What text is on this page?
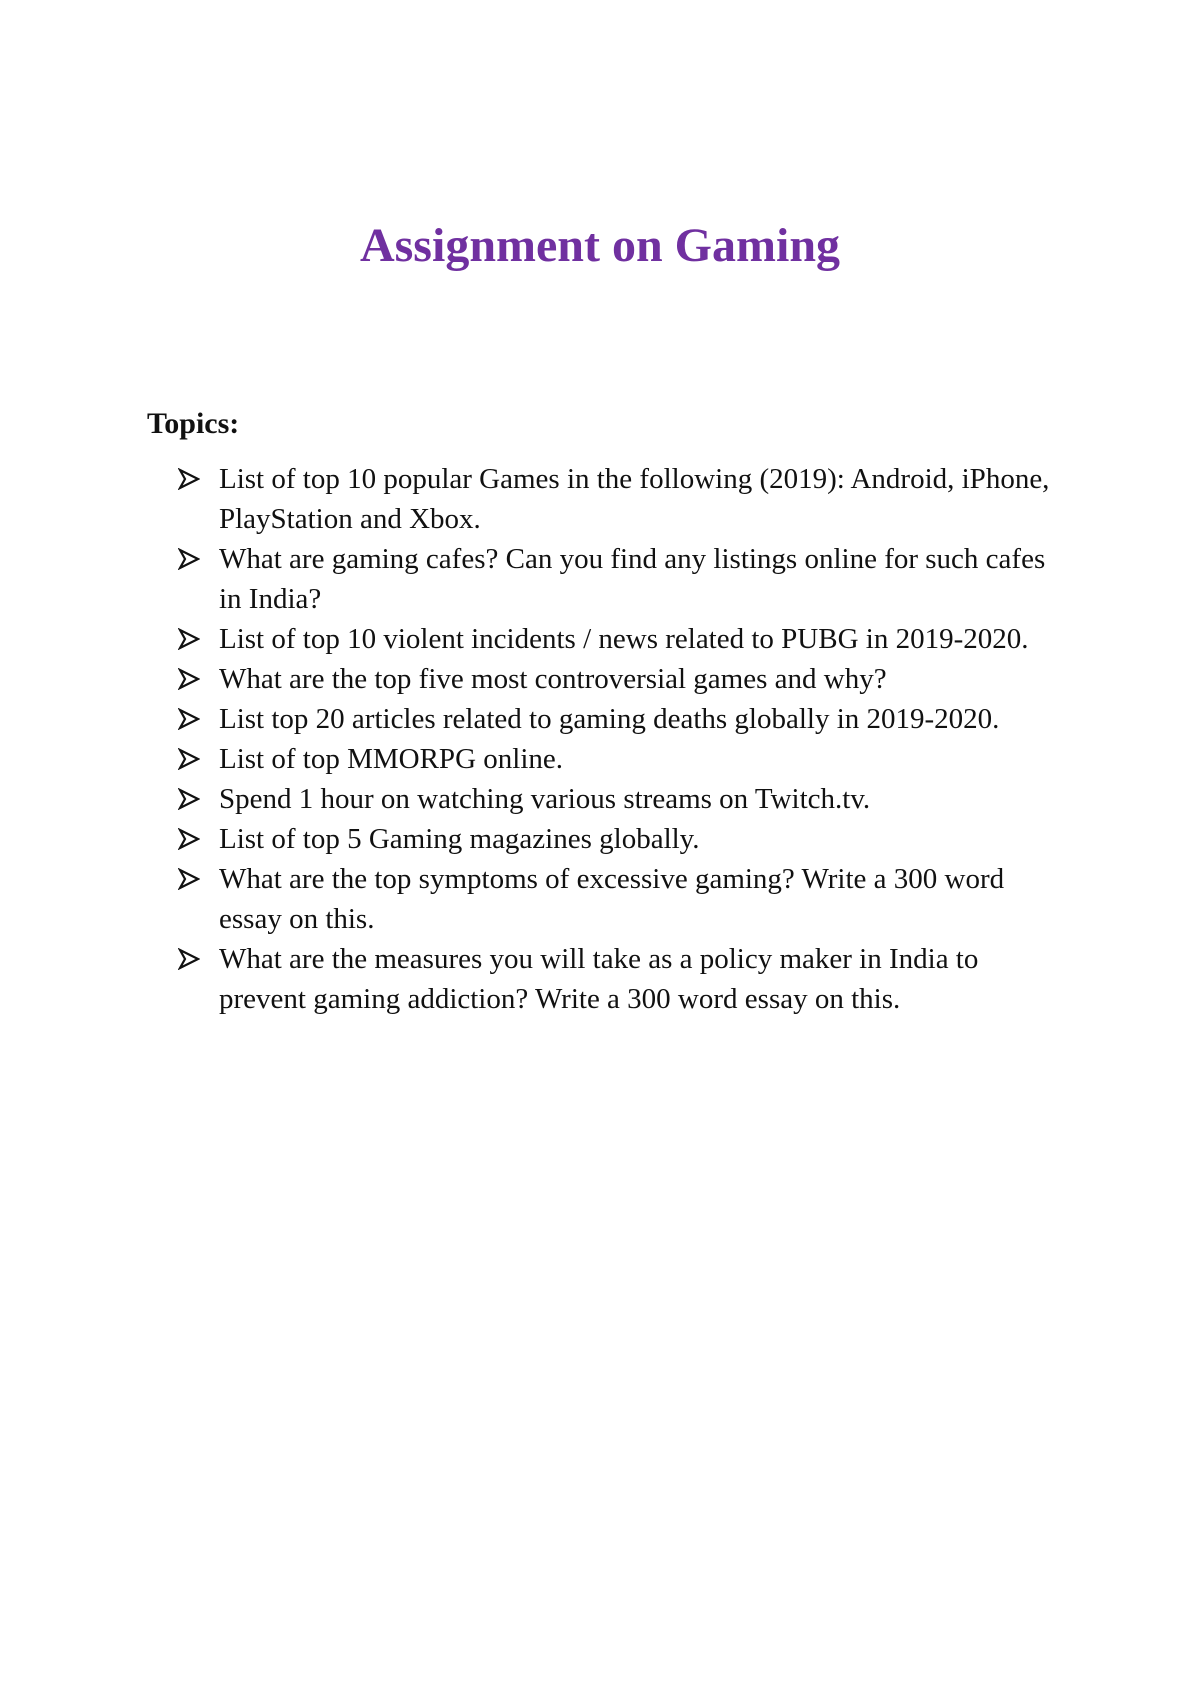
Assignment on Gaming
Topics:
List of top 10 popular Games in the following (2019): Android, iPhone, PlayStation and Xbox.
What are gaming cafes? Can you find any listings online for such cafes in India?
List of top 10 violent incidents / news related to PUBG in 2019-2020.
What are the top five most controversial games and why?
List top 20 articles related to gaming deaths globally in 2019-2020.
List of top MMORPG online.
Spend 1 hour on watching various streams on Twitch.tv.
List of top 5 Gaming magazines globally.
What are the top symptoms of excessive gaming? Write a 300 word essay on this.
What are the measures you will take as a policy maker in India to prevent gaming addiction? Write a 300 word essay on this.
